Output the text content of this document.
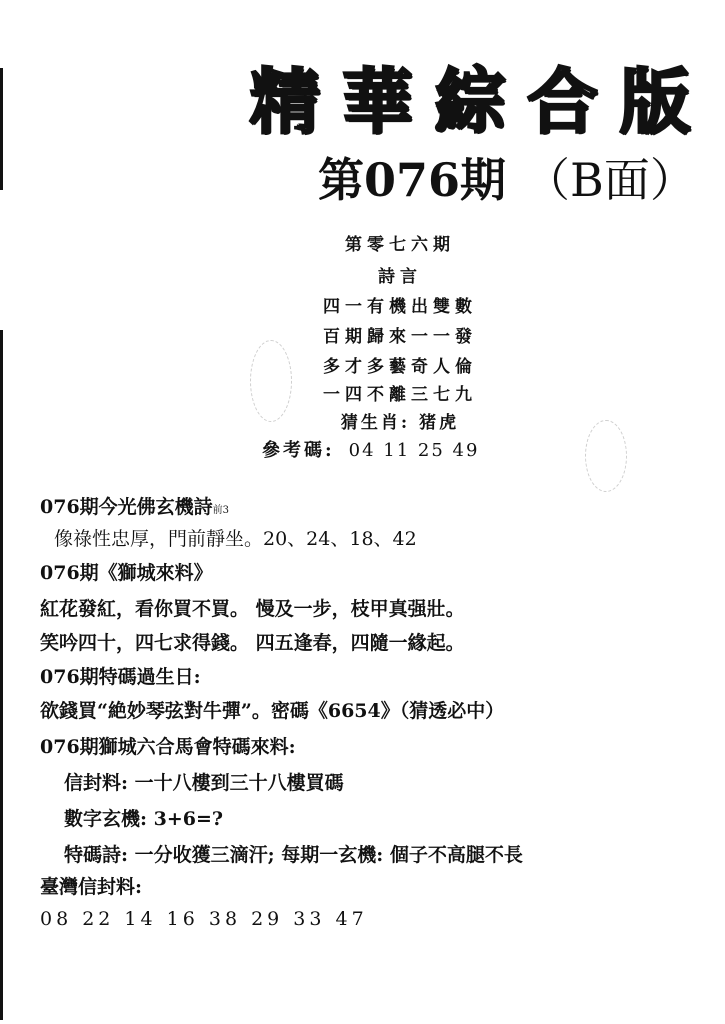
精 華 綜 合 版
第076期 （B面）
第零七六期
詩言
四一有機出雙數
百期歸來一一發
多才多藝奇人倫
一四不離三七九
猜生肖: 猪虎
參考碼: 04 11 25 49
076期今光佛玄機詩前3
像祿性忠厚，門前靜坐。20、24、18、42
076期《獅城來料》
紅花發紅，看你買不買。 慢及一步，枝甲真强壯。
笑吟四十，四七求得錢。 四五逢春，四隨一緣起。
076期特碼過生日:
欲錢買“絶妙琴弦對牛彈”。密碼《6654》（猜透必中）
076期獅城六合馬會特碼來料:
信封料: 一十八樓到三十八樓買碼
數字玄機: 3+6=?
特碼詩: 一分收獲三滴汗; 每期一玄機: 個子不高腿不長
臺灣信封料:
08 22 14 16 38 29 33 47
